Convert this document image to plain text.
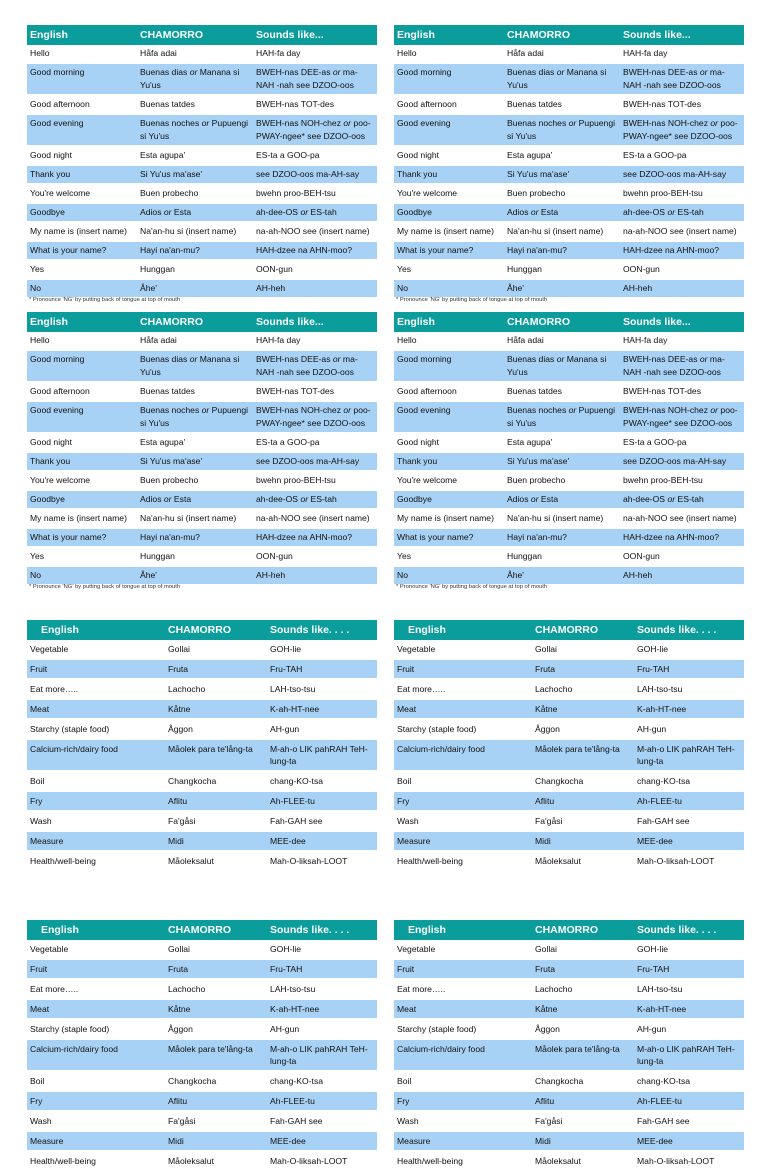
English	CHAMORRO	Sounds like...
Hello	Håfa adai	HAH-fa day
Good morning	Buenas dias or Manana si Yu'us	BWEH-nas DEE-as or ma-NAH -nah see DZOO-oos
Good afternoon	Buenas tatdes	BWEH-nas TOT-des
Good evening	Buenas noches or Pupuengi si Yu'us	BWEH-nas NOH-chez or poo-PWAY-ngee* see DZOO-oos
Good night	Esta agupa'	ES-ta a GOO-pa
Thank you	Si Yu'us ma'ase'	see DZOO-oos ma-AH-say
You're welcome	Buen probecho	bwehn proo-BEH-tsu
Goodbye	Adios or Esta	ah-dee-OS or ES-tah
My name is (insert name)	Na'an-hu si (insert name)	na-ah-NOO see (insert name)
What is your name?	Hayi na'an-mu?	HAH-dzee na AHN-moo?
Yes	Hunggan	OON-gun
No	Åhe'	AH-heh
* Pronounce 'NG' by putting back of tongue at top of mouth
English	CHAMORRO	Sounds like...
Hello	Håfa adai	HAH-fa day
Good morning	Buenas dias or Manana si Yu'us	BWEH-nas DEE-as or ma-NAH -nah see DZOO-oos
Good afternoon	Buenas tatdes	BWEH-nas TOT-des
Good evening	Buenas noches or Pupuengi si Yu'us	BWEH-nas NOH-chez or poo-PWAY-ngee* see DZOO-oos
Good night	Esta agupa'	ES-ta a GOO-pa
Thank you	Si Yu'us ma'ase'	see DZOO-oos ma-AH-say
You're welcome	Buen probecho	bwehn proo-BEH-tsu
Goodbye	Adios or Esta	ah-dee-OS or ES-tah
My name is (insert name)	Na'an-hu si (insert name)	na-ah-NOO see (insert name)
What is your name?	Hayi na'an-mu?	HAH-dzee na AHN-moo?
Yes	Hunggan	OON-gun
No	Åhe'	AH-heh
* Pronounce 'NG' by putting back of tongue at top of mouth
English	CHAMORRO	Sounds like...
Hello	Håfa adai	HAH-fa day
Good morning	Buenas dias or Manana si Yu'us	BWEH-nas DEE-as or ma-NAH -nah see DZOO-oos
Good afternoon	Buenas tatdes	BWEH-nas TOT-des
Good evening	Buenas noches or Pupuengi si Yu'us	BWEH-nas NOH-chez or poo-PWAY-ngee* see DZOO-oos
Good night	Esta agupa'	ES-ta a GOO-pa
Thank you	Si Yu'us ma'ase'	see DZOO-oos ma-AH-say
You're welcome	Buen probecho	bwehn proo-BEH-tsu
Goodbye	Adios or Esta	ah-dee-OS or ES-tah
My name is (insert name)	Na'an-hu si (insert name)	na-ah-NOO see (insert name)
What is your name?	Hayi na'an-mu?	HAH-dzee na AHN-moo?
Yes	Hunggan	OON-gun
No	Åhe'	AH-heh
* Pronounce 'NG' by putting back of tongue at top of mouth
English	CHAMORRO	Sounds like...
Hello	Håfa adai	HAH-fa day
Good morning	Buenas dias or Manana si Yu'us	BWEH-nas DEE-as or ma-NAH -nah see DZOO-oos
Good afternoon	Buenas tatdes	BWEH-nas TOT-des
Good evening	Buenas noches or Pupuengi si Yu'us	BWEH-nas NOH-chez or poo-PWAY-ngee* see DZOO-oos
Good night	Esta agupa'	ES-ta a GOO-pa
Thank you	Si Yu'us ma'ase'	see DZOO-oos ma-AH-say
You're welcome	Buen probecho	bwehn proo-BEH-tsu
Goodbye	Adios or Esta	ah-dee-OS or ES-tah
My name is (insert name)	Na'an-hu si (insert name)	na-ah-NOO see (insert name)
What is your name?	Hayi na'an-mu?	HAH-dzee na AHN-moo?
Yes	Hunggan	OON-gun
No	Åhe'	AH-heh
* Pronounce 'NG' by putting back of tongue at top of mouth
English	CHAMORRO	Sounds like. . . .
Vegetable	Gollai	GOH-lie
Fruit	Fruta	Fru-TAH
Eat more…..	Lachocho	LAH-tso-tsu
Meat	Kåtne	K-ah-HT-nee
Starchy (staple food)	Åggon	AH-gun
Calcium-rich/dairy food	Måolek para te'lång-ta	M-ah-o LIK pahRAH TeH-lung-ta
Boil	Changkocha	chang-KO-tsa
Fry	Aflitu	Ah-FLEE-tu
Wash	Fa'gåsi	Fah-GAH see
Measure	Midi	MEE-dee
Health/well-being	Måoleksalut	Mah-O-liksah-LOOT
English	CHAMORRO	Sounds like. . . .
Vegetable	Gollai	GOH-lie
Fruit	Fruta	Fru-TAH
Eat more…..	Lachocho	LAH-tso-tsu
Meat	Kåtne	K-ah-HT-nee
Starchy (staple food)	Åggon	AH-gun
Calcium-rich/dairy food	Måolek para te'lång-ta	M-ah-o LIK pahRAH TeH-lung-ta
Boil	Changkocha	chang-KO-tsa
Fry	Aflitu	Ah-FLEE-tu
Wash	Fa'gåsi	Fah-GAH see
Measure	Midi	MEE-dee
Health/well-being	Måoleksalut	Mah-O-liksah-LOOT
English	CHAMORRO	Sounds like. . . .
Vegetable	Gollai	GOH-lie
Fruit	Fruta	Fru-TAH
Eat more…..	Lachocho	LAH-tso-tsu
Meat	Kåtne	K-ah-HT-nee
Starchy (staple food)	Åggon	AH-gun
Calcium-rich/dairy food	Måolek para te'lång-ta	M-ah-o LIK pahRAH TeH-lung-ta
Boil	Changkocha	chang-KO-tsa
Fry	Aflitu	Ah-FLEE-tu
Wash	Fa'gåsi	Fah-GAH see
Measure	Midi	MEE-dee
Health/well-being	Måoleksalut	Mah-O-liksah-LOOT
English	CHAMORRO	Sounds like. . . .
Vegetable	Gollai	GOH-lie
Fruit	Fruta	Fru-TAH
Eat more…..	Lachocho	LAH-tso-tsu
Meat	Kåtne	K-ah-HT-nee
Starchy (staple food)	Åggon	AH-gun
Calcium-rich/dairy food	Måolek para te'lång-ta	M-ah-o LIK pahRAH TeH-lung-ta
Boil	Changkocha	chang-KO-tsa
Fry	Aflitu	Ah-FLEE-tu
Wash	Fa'gåsi	Fah-GAH see
Measure	Midi	MEE-dee
Health/well-being	Måoleksalut	Mah-O-liksah-LOOT
